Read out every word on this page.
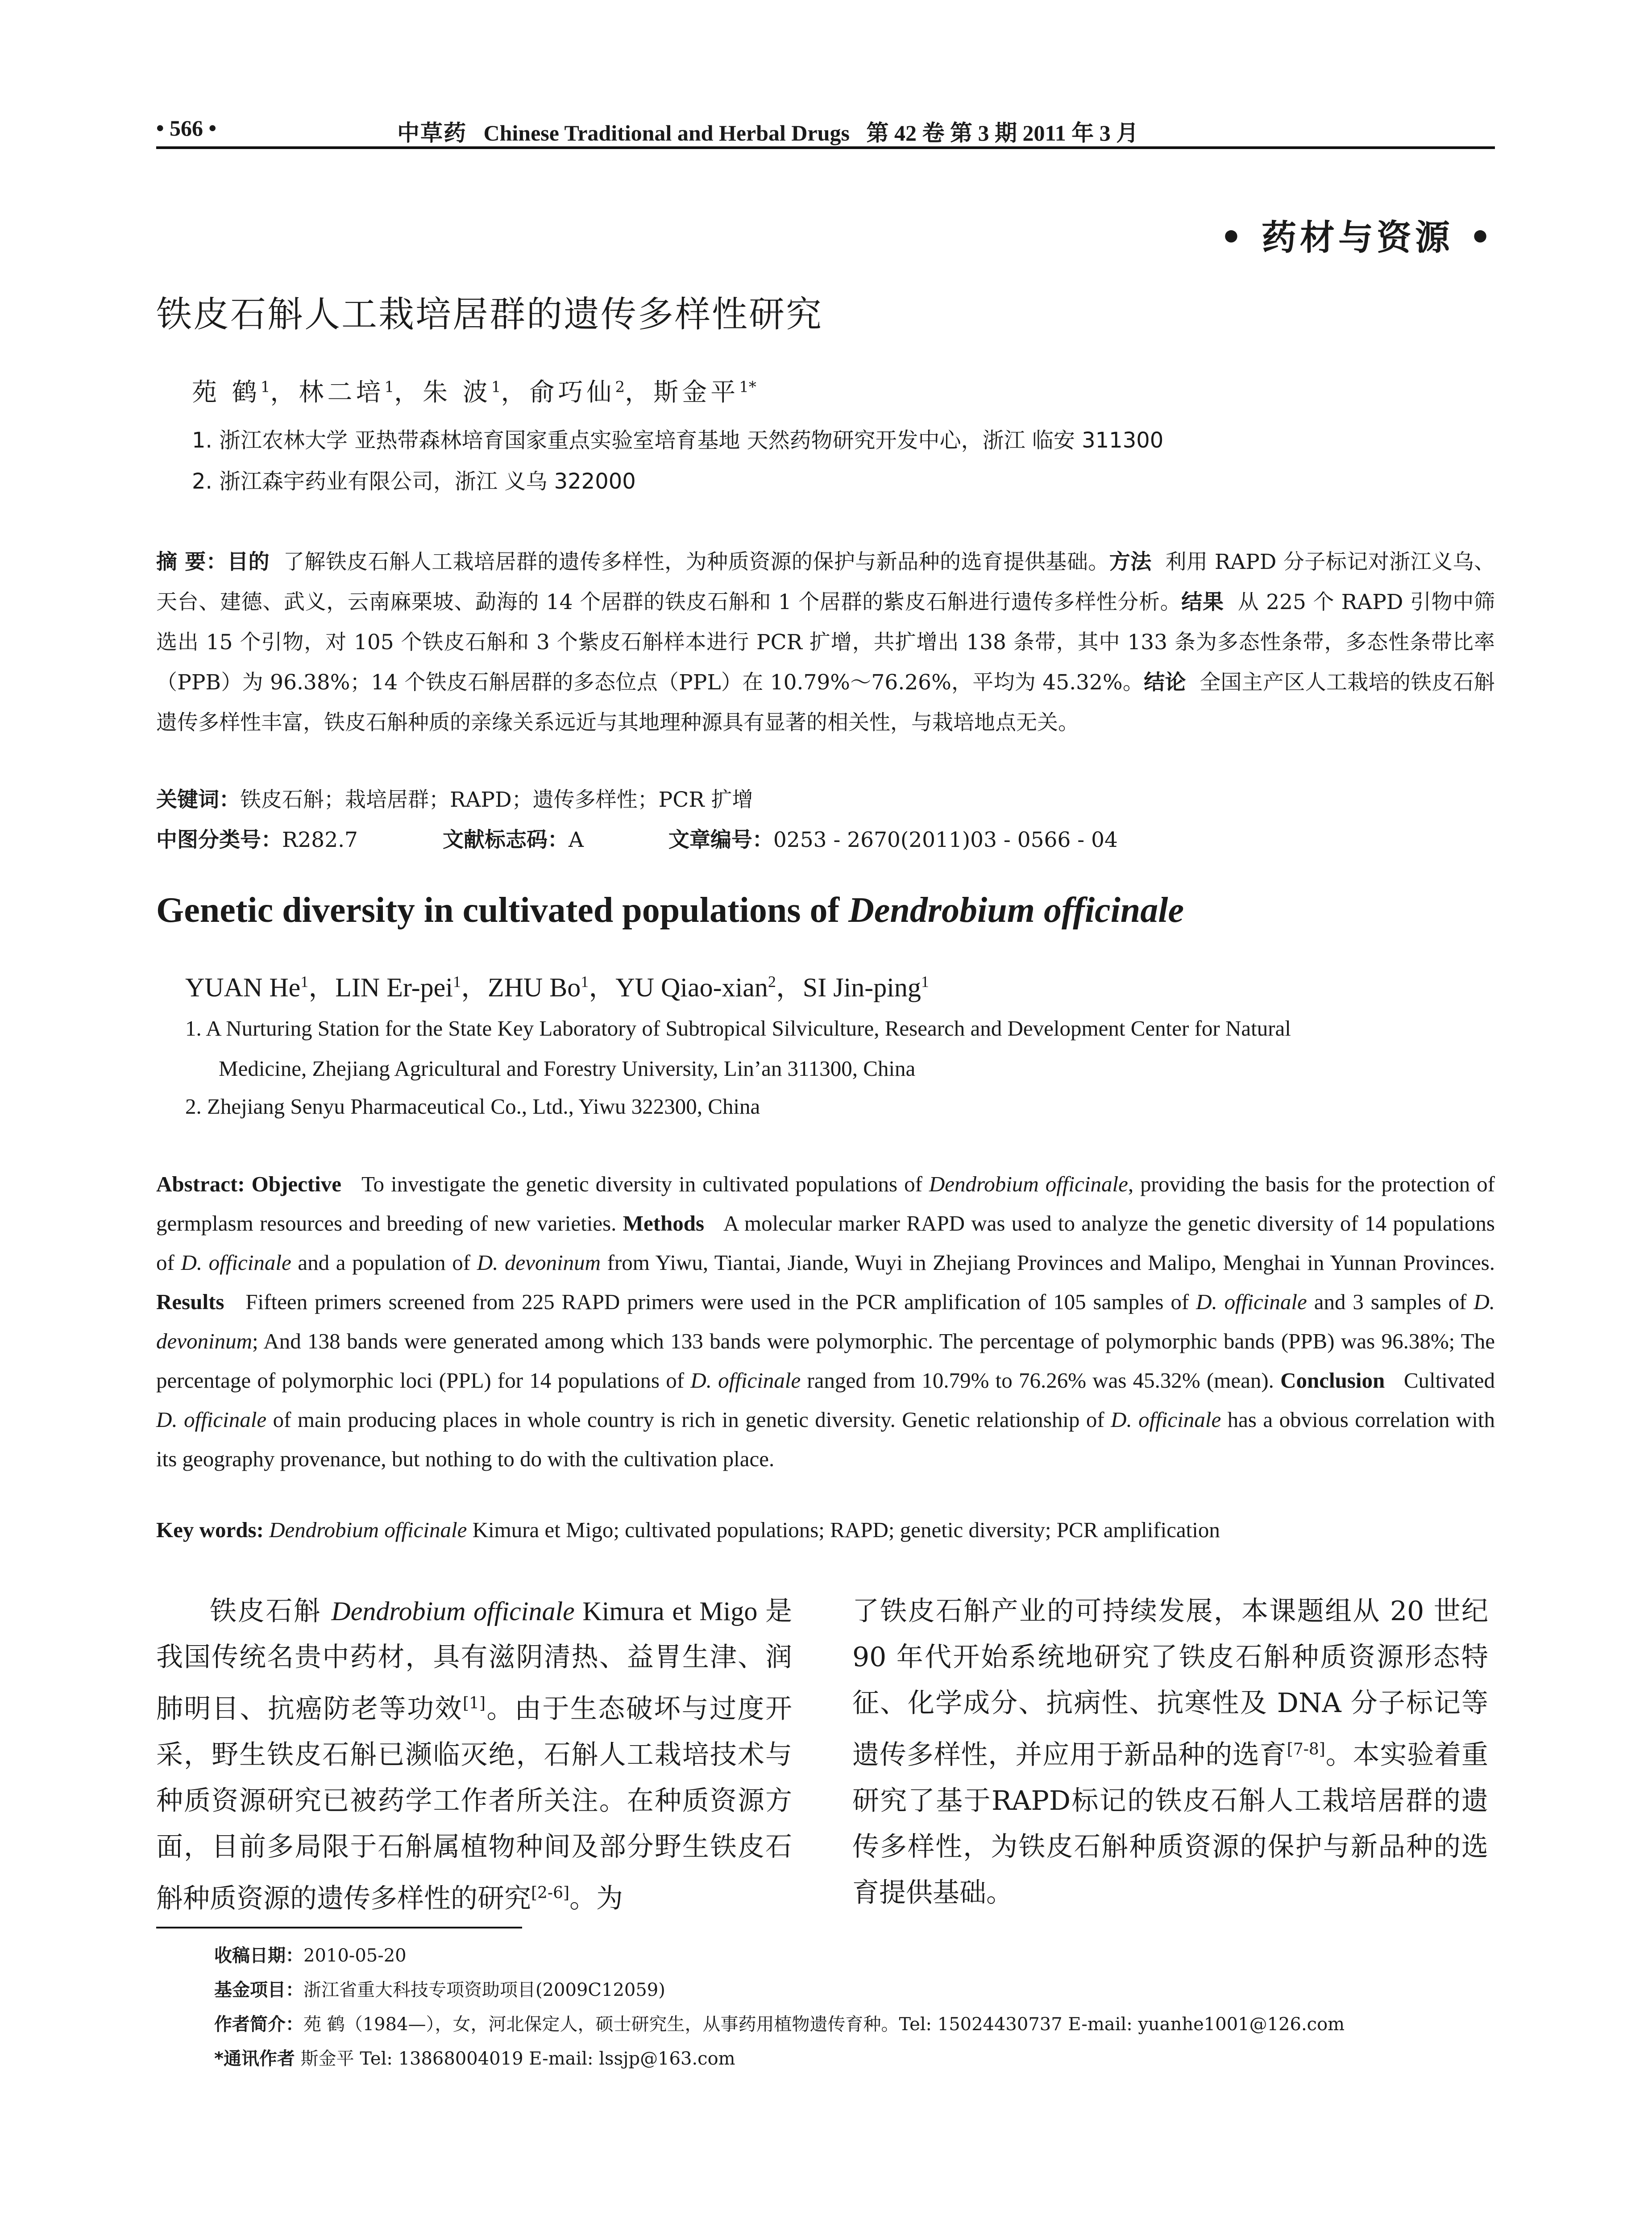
• 566 •	中草药 Chinese Traditional and Herbal Drugs 第 42 卷 第 3 期 2011 年 3 月
• 药材与资源 •
铁皮石斛人工栽培居群的遗传多样性研究
苑 鹤$^1$，林二培$^1$，朱 波$^1$，俞巧仙$^2$，斯金平$^{1*}$
1. 浙江农林大学 亚热带森林培育国家重点实验室培育基地 天然药物研究开发中心，浙江 临安 311300
2. 浙江森宇药业有限公司，浙江 义乌 322000
摘 要：目的 了解铁皮石斛人工栽培居群的遗传多样性，为种质资源的保护与新品种的选育提供基础。方法 利用 RAPD 分子标记对浙江义乌、天台、建德、武义，云南麻栗坡、勐海的 14 个居群的铁皮石斛和 1 个居群的紫皮石斛进行遗传多样性分析。结果 从 225 个 RAPD 引物中筛选出 15 个引物，对 105 个铁皮石斛和 3 个紫皮石斛样本进行 PCR 扩增，共扩增出 138 条带，其中 133 条为多态性条带，多态性条带比率（PPB）为 96.38%；14 个铁皮石斛居群的多态位点（PPL）在 10.79%～76.26%，平均为 45.32%。结论 全国主产区人工栽培的铁皮石斛遗传多样性丰富，铁皮石斛种质的亲缘关系远近与其地理种源具有显著的相关性，与栽培地点无关。
关键词：铁皮石斛；栽培居群；RAPD；遗传多样性；PCR 扩增
中图分类号：R282.7	文献标志码：A	文章编号：0253 - 2670(2011)03 - 0566 - 04
Genetic diversity in cultivated populations of Dendrobium officinale
YUAN He$^1$，LIN Er-pei$^1$，ZHU Bo$^1$，YU Qiao-xian$^2$，SI Jin-ping$^1$
1. A Nurturing Station for the State Key Laboratory of Subtropical Silviculture, Research and Development Center for Natural
Medicine, Zhejiang Agricultural and Forestry University, Lin’an 311300, China
2. Zhejiang Senyu Pharmaceutical Co., Ltd., Yiwu 322300, China
Abstract: Objective To investigate the genetic diversity in cultivated populations of Dendrobium officinale, providing the basis for the protection of germplasm resources and breeding of new varieties. Methods A molecular marker RAPD was used to analyze the genetic diversity of 14 populations of D. officinale and a population of D. devoninum from Yiwu, Tiantai, Jiande, Wuyi in Zhejiang Provinces and Malipo, Menghai in Yunnan Provinces. Results Fifteen primers screened from 225 RAPD primers were used in the PCR amplification of 105 samples of D. officinale and 3 samples of D. devoninum; And 138 bands were generated among which 133 bands were polymorphic. The percentage of polymorphic bands (PPB) was 96.38%; The percentage of polymorphic loci (PPL) for 14 populations of D. officinale ranged from 10.79% to 76.26% was 45.32% (mean). Conclusion Cultivated D. officinale of main producing places in whole country is rich in genetic diversity. Genetic relationship of D. officinale has a obvious correlation with its geography provenance, but nothing to do with the cultivation place.
Key words: Dendrobium officinale Kimura et Migo; cultivated populations; RAPD; genetic diversity; PCR amplification
铁皮石斛 Dendrobium officinale Kimura et Migo 是我国传统名贵中药材，具有滋阴清热、益胃生津、润肺明目、抗癌防老等功效[1]。由于生态破坏与过度开采，野生铁皮石斛已濒临灭绝，石斛人工栽培技术与种质资源研究已被药学工作者所关注。在种质资源方面，目前多局限于石斛属植物种间及部分野生铁皮石斛种质资源的遗传多样性的研究[2-6]。为
了铁皮石斛产业的可持续发展，本课题组从 20 世纪 90 年代开始系统地研究了铁皮石斛种质资源形态特征、化学成分、抗病性、抗寒性及 DNA 分子标记等遗传多样性，并应用于新品种的选育[7-8]。本实验着重研究了基于RAPD标记的铁皮石斛人工栽培居群的遗传多样性，为铁皮石斛种质资源的保护与新品种的选育提供基础。
收稿日期：2010-05-20
基金项目：浙江省重大科技专项资助项目(2009C12059)
作者简介：苑 鹤（1984—），女，河北保定人，硕士研究生，从事药用植物遗传育种。Tel: 15024430737 E-mail: yuanhe1001@126.com
*通讯作者 斯金平 Tel: 13868004019 E-mail: lssjp@163.com
